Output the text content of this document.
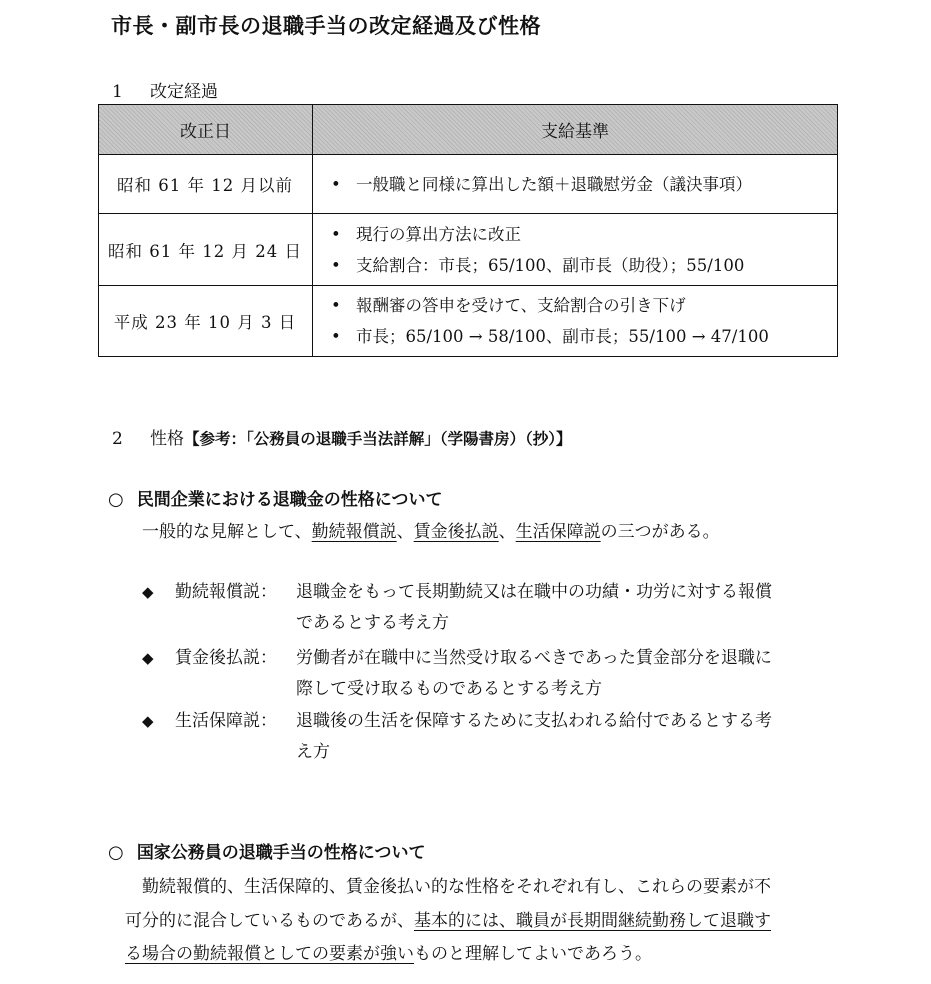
市長・副市長の退職手当の改定経過及び性格
1 改定経過
改正日	支給基準
昭和 61 年 12 月以前	• 一般職と同様に算出した額＋退職慰労金（議決事項）

昭和 61 年 12 月 24 日	• 現行の算出方法に改正
• 支給割合：市長；65/100、副市長（助役）；55/100

平成 23 年 10 月 3 日	• 報酬審の答申を受けて、支給割合の引き下げ
• 市長；65/100 → 58/100、副市長；55/100 → 47/100
2 性格【参考：「公務員の退職手当法詳解」（学陽書房）（抄）】
○ 民間企業における退職金の性格について
一般的な見解として、勤続報償説、賃金後払説、生活保障説の三つがある。
◆ 勤続報償説： 退職金をもって長期勤続又は在職中の功績・功労に対する報償
であるとする考え方
◆ 賃金後払説： 労働者が在職中に当然受け取るべきであった賃金部分を退職に
際して受け取るものであるとする考え方
◆ 生活保障説： 退職後の生活を保障するために支払われる給付であるとする考
え方
○ 国家公務員の退職手当の性格について
勤続報償的、生活保障的、賃金後払い的な性格をそれぞれ有し、これらの要素が不
可分的に混合しているものであるが、基本的には、職員が長期間継続勤務して退職す
る場合の勤続報償としての要素が強いものと理解してよいであろう。
